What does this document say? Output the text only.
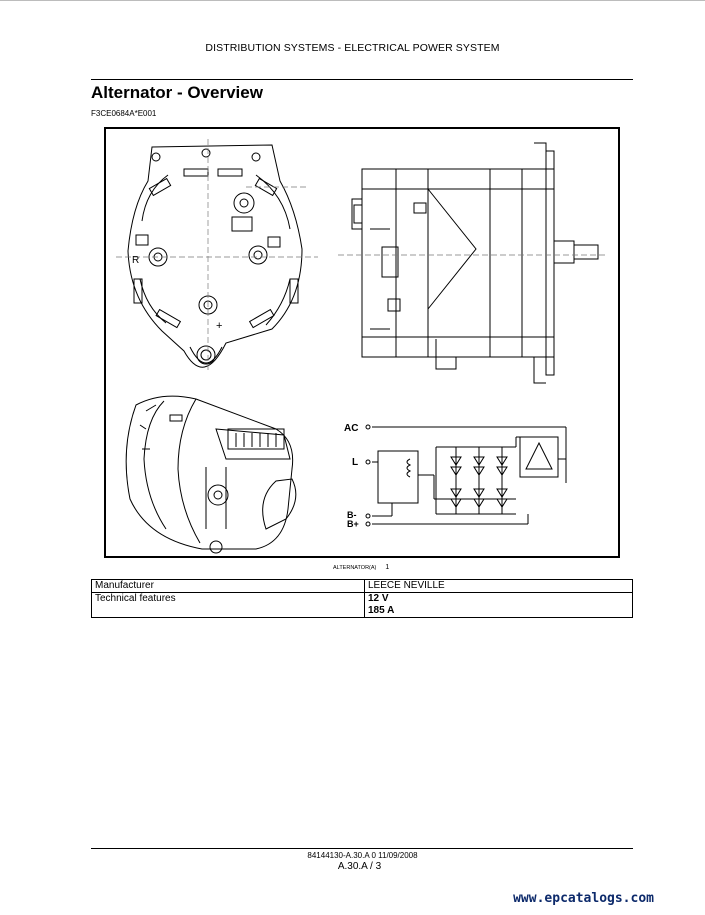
DISTRIBUTION SYSTEMS - ELECTRICAL POWER SYSTEM
Alternator - Overview
F3CE0684A*E001
R
+
AC
L
B-
B+
ALTERNATOR(A) 1
Manufacturer	LEECE NEVILLE
Technical features	12 V
185 A
84144130-A.30.A 0 11/09/2008
A.30.A / 3
www.epcatalogs.com
